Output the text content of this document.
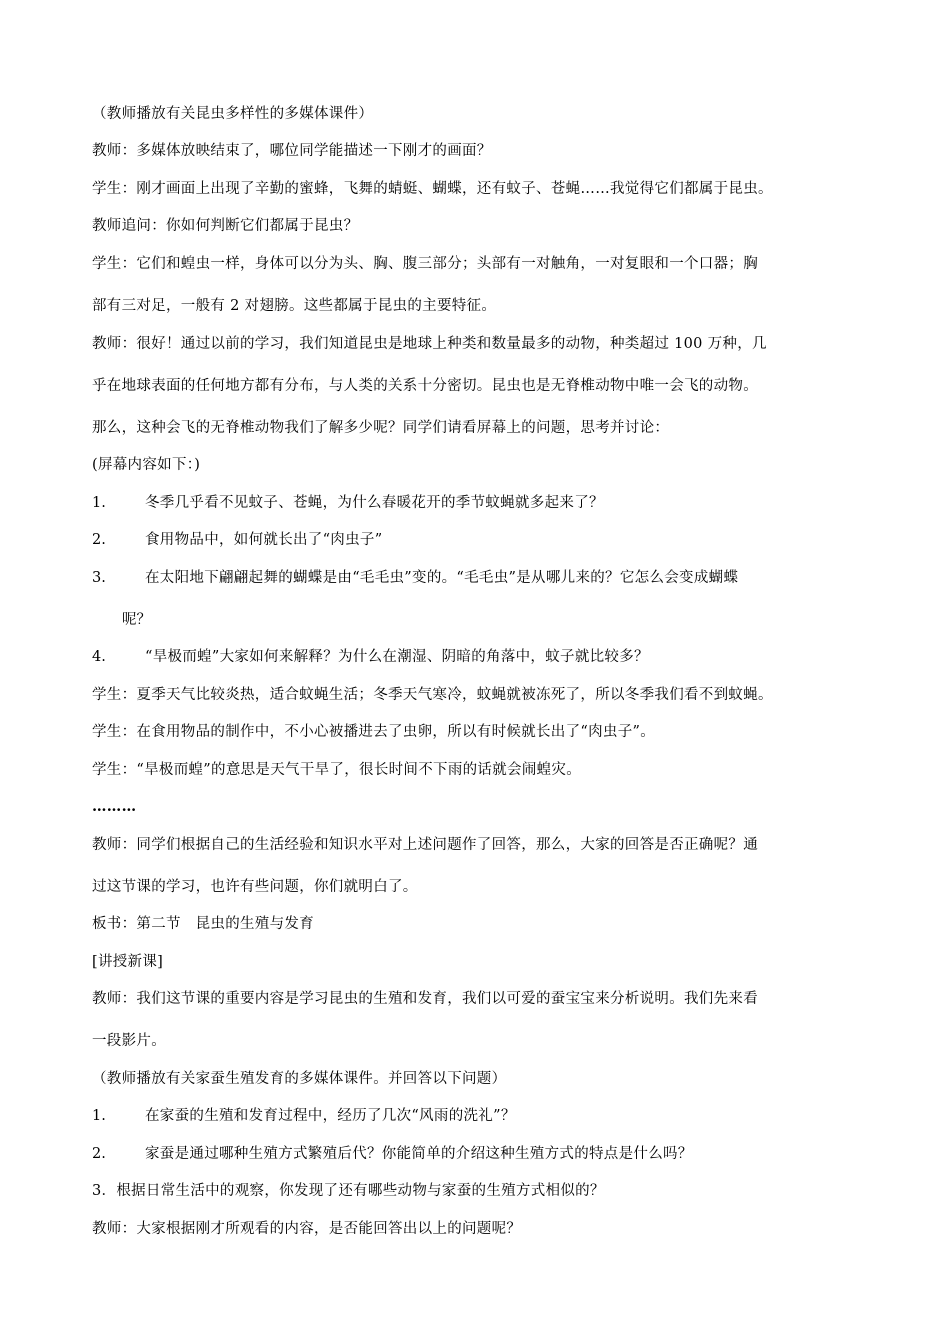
（教师播放有关昆虫多样性的多媒体课件）
教师：多媒体放映结束了，哪位同学能描述一下刚才的画面？
学生：刚才画面上出现了辛勤的蜜蜂，飞舞的蜻蜓、蝴蝶，还有蚊子、苍蝇……我觉得它们都属于昆虫。
教师追问：你如何判断它们都属于昆虫？
学生：它们和蝗虫一样，身体可以分为头、胸、腹三部分；头部有一对触角，一对复眼和一个口器；胸
部有三对足，一般有 2 对翅膀。这些都属于昆虫的主要特征。
教师：很好！通过以前的学习，我们知道昆虫是地球上种类和数量最多的动物，种类超过 100 万种，几
乎在地球表面的任何地方都有分布，与人类的关系十分密切。昆虫也是无脊椎动物中唯一会飞的动物。
那么，这种会飞的无脊椎动物我们了解多少呢？同学们请看屏幕上的问题，思考并讨论：
(屏幕内容如下：)
1.	冬季几乎看不见蚊子、苍蝇，为什么春暖花开的季节蚊蝇就多起来了？
2.	食用物品中，如何就长出了“肉虫子”
3.	在太阳地下翩翩起舞的蝴蝶是由“毛毛虫”变的。“毛毛虫”是从哪儿来的？它怎么会变成蝴蝶
呢？
4.	“旱极而蝗”大家如何来解释？为什么在潮湿、阴暗的角落中，蚊子就比较多？
学生：夏季天气比较炎热，适合蚊蝇生活；冬季天气寒冷，蚊蝇就被冻死了，所以冬季我们看不到蚊蝇。
学生：在食用物品的制作中，不小心被播进去了虫卵，所以有时候就长出了“肉虫子”。
学生：“旱极而蝗”的意思是天气干旱了，很长时间不下雨的话就会闹蝗灾。
………
教师：同学们根据自己的生活经验和知识水平对上述问题作了回答，那么，大家的回答是否正确呢？通
过这节课的学习，也许有些问题，你们就明白了。
板书：第二节　昆虫的生殖与发育
[讲授新课]
教师：我们这节课的重要内容是学习昆虫的生殖和发育，我们以可爱的蚕宝宝来分析说明。我们先来看
一段影片。
（教师播放有关家蚕生殖发育的多媒体课件。并回答以下问题）
1.	在家蚕的生殖和发育过程中，经历了几次“风雨的洗礼”？
2.	家蚕是通过哪种生殖方式繁殖后代？你能简单的介绍这种生殖方式的特点是什么吗？
3．根据日常生活中的观察，你发现了还有哪些动物与家蚕的生殖方式相似的？
教师：大家根据刚才所观看的内容，是否能回答出以上的问题呢？
